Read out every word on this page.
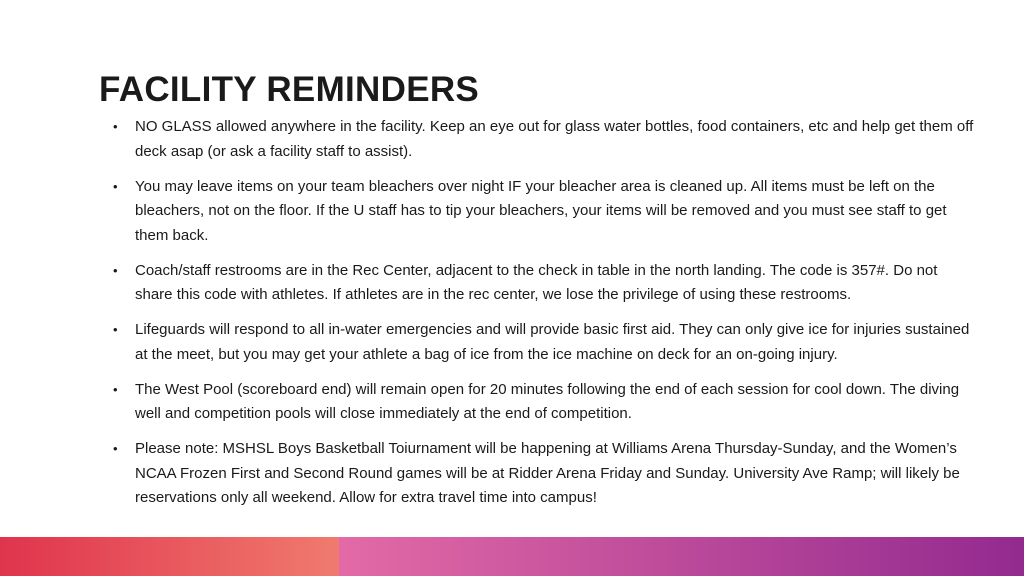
FACILITY REMINDERS
•	NO GLASS allowed anywhere in the facility. Keep an eye out for glass water bottles, food containers, etc and help get them off deck asap (or ask a facility staff to assist).
•	You may leave items on your team bleachers over night IF your bleacher area is cleaned up. All items must be left on the bleachers, not on the floor. If the U staff has to tip your bleachers, your items will be removed and you must see staff to get them back.
•	Coach/staff restrooms are in the Rec Center, adjacent to the check in table in the north landing. The code is 357#. Do not share this code with athletes. If athletes are in the rec center, we lose the privilege of using these restrooms.
•	Lifeguards will respond to all in-water emergencies and will provide basic first aid. They can only give ice for injuries sustained at the meet, but you may get your athlete a bag of ice from the ice machine on deck for an on-going injury.
•	The West Pool (scoreboard end) will remain open for 20 minutes following the end of each session for cool down. The diving well and competition pools will close immediately at the end of competition.
•	Please note: MSHSL Boys Basketball Toiurnament will be happening at Williams Arena Thursday-Sunday, and the Women’s NCAA Frozen First and Second Round games will be at Ridder Arena Friday and Sunday. University Ave Ramp; will likely be reservations only all weekend. Allow for extra travel time into campus!
